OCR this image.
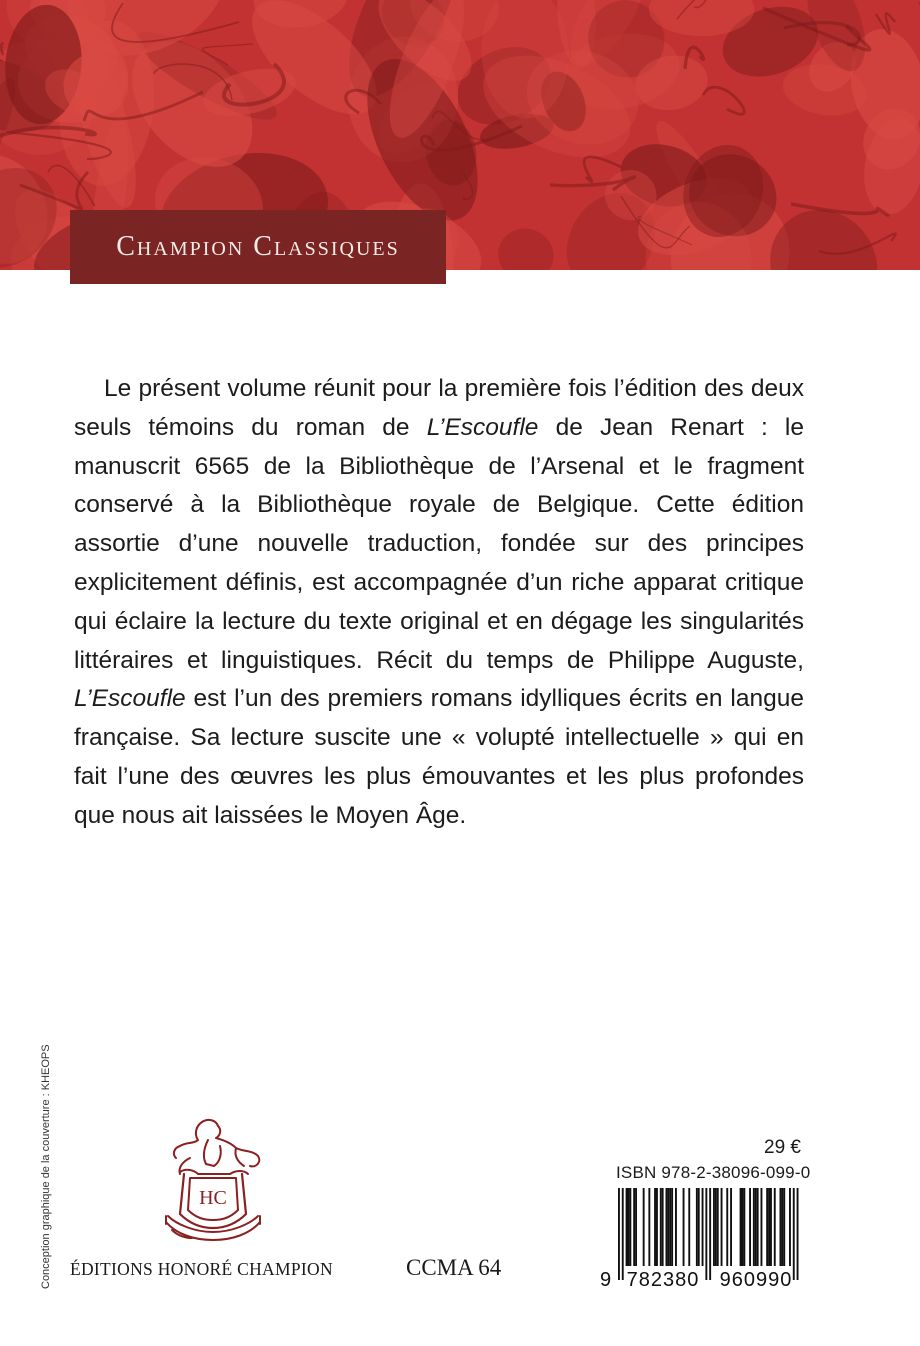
Champion Classiques

Le présent volume réunit pour la première fois l’édition des deux seuls témoins du roman de L’Escoufle de Jean Renart : le manuscrit 6565 de la Bibliothèque de l’Arsenal et le fragment conservé à la Bibliothèque royale de Belgique. Cette édition assortie d’une nouvelle traduction, fondée sur des principes explicitement définis, est accompagnée d’un riche apparat critique qui éclaire la lecture du texte original et en dégage les singularités littéraires et linguistiques. Récit du temps de Philippe Auguste, L’Escoufle est l’un des premiers romans idylliques écrits en langue française. Sa lecture suscite une « volupté intellectuelle » qui en fait l’une des œuvres les plus émouvantes et les plus profondes que nous ait laissées le Moyen Âge.

Conception graphique de la couverture : KHEOPS	HC
ÉDITIONS HONORÉ CHAMPION	CCMA 64
29 €
ISBN 978-2-38096-099-0
9 782380 960990
